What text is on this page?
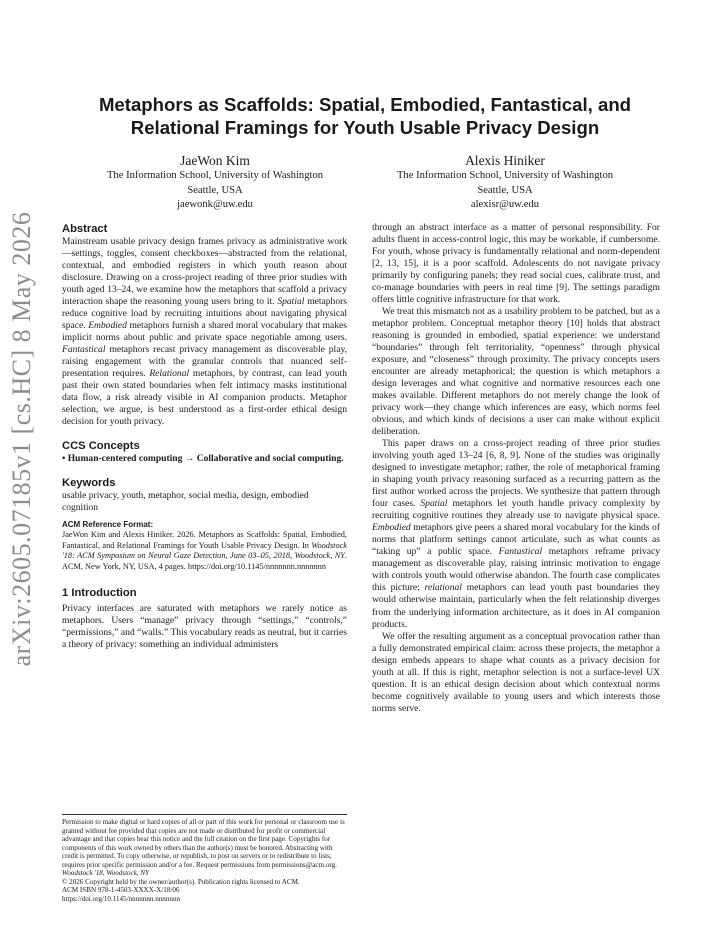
arXiv:2605.07185v1 [cs.HC] 8 May 2026
Metaphors as Scaffolds: Spatial, Embodied, Fantastical, and
Relational Framings for Youth Usable Privacy Design
JaeWon Kim
The Information School, University of Washington
Seattle, USA
jaewonk@uw.edu
Alexis Hiniker
The Information School, University of Washington
Seattle, USA
alexisr@uw.edu
Abstract

Mainstream usable privacy design frames privacy as administrative work—settings, toggles, consent checkboxes—abstracted from the relational, contextual, and embodied registers in which youth reason about disclosure. Drawing on a cross-project reading of three prior studies with youth aged 13–24, we examine how the metaphors that scaffold a privacy interaction shape the reasoning young users bring to it. Spatial metaphors reduce cognitive load by recruiting intuitions about navigating physical space. Embodied metaphors furnish a shared moral vocabulary that makes implicit norms about public and private space negotiable among users. Fantastical metaphors recast privacy management as discoverable play, raising engagement with the granular controls that nuanced self-presentation requires. Relational metaphors, by contrast, can lead youth past their own stated boundaries when felt intimacy masks institutional data flow, a risk already visible in AI companion products. Metaphor selection, we argue, is best understood as a first-order ethical design decision for youth privacy.

CCS Concepts

• Human-centered computing → Collaborative and social computing.

Keywords

usable privacy, youth, metaphor, social media, design, embodied cognition

ACM Reference Format:

JaeWon Kim and Alexis Hiniker. 2026. Metaphors as Scaffolds: Spatial, Embodied, Fantastical, and Relational Framings for Youth Usable Privacy Design. In Woodstock '18: ACM Symposium on Neural Gaze Detection, June 03–05, 2018, Woodstock, NY. ACM, New York, NY, USA, 4 pages. https://doi.org/10.1145/nnnnnnn.nnnnnnn

1 Introduction

Privacy interfaces are saturated with metaphors we rarely notice as metaphors. Users “manage” privacy through “settings,” “controls,” “permissions,” and “walls.” This vocabulary reads as neutral, but it carries a theory of privacy: something an individual administers

Permission to make digital or hard copies of all or part of this work for personal or classroom use is granted without fee provided that copies are not made or distributed for profit or commercial advantage and that copies bear this notice and the full citation on the first page. Copyrights for components of this work owned by others than the author(s) must be honored. Abstracting with credit is permitted. To copy otherwise, or republish, to post on servers or to redistribute to lists, requires prior specific permission and/or a fee. Request permissions from permissions@acm.org.

Woodstock '18, Woodstock, NY

© 2026 Copyright held by the owner/author(s). Publication rights licensed to ACM.

ACM ISBN 978-1-4503-XXXX-X/18/06

https://doi.org/10.1145/nnnnnnn.nnnnnnn

through an abstract interface as a matter of personal responsibility. For adults fluent in access-control logic, this may be workable, if cumbersome. For youth, whose privacy is fundamentally relational and norm-dependent [2, 13, 15], it is a poor scaffold. Adolescents do not navigate privacy primarily by configuring panels; they read social cues, calibrate trust, and co-manage boundaries with peers in real time [9]. The settings paradigm offers little cognitive infrastructure for that work.

We treat this mismatch not as a usability problem to be patched, but as a metaphor problem. Conceptual metaphor theory [10] holds that abstract reasoning is grounded in embodied, spatial experience: we understand “boundaries” through felt territoriality, “openness” through physical exposure, and “closeness” through proximity. The privacy concepts users encounter are already metaphorical; the question is which metaphors a design leverages and what cognitive and normative resources each one makes available. Different metaphors do not merely change the look of privacy work—they change which inferences are easy, which norms feel obvious, and which kinds of decisions a user can make without explicit deliberation.

This paper draws on a cross-project reading of three prior studies involving youth aged 13–24 [6, 8, 9]. None of the studies was originally designed to investigate metaphor; rather, the role of metaphorical framing in shaping youth privacy reasoning surfaced as a recurring pattern as the first author worked across the projects. We synthesize that pattern through four cases. Spatial metaphors let youth handle privacy complexity by recruiting cognitive routines they already use to navigate physical space. Embodied metaphors give peers a shared moral vocabulary for the kinds of norms that platform settings cannot articulate, such as what counts as “taking up” a public space. Fantastical metaphors reframe privacy management as discoverable play, raising intrinsic motivation to engage with controls youth would otherwise abandon. The fourth case complicates this picture: relational metaphors can lead youth past boundaries they would otherwise maintain, particularly when the felt relationship diverges from the underlying information architecture, as it does in AI companion products.

We offer the resulting argument as a conceptual provocation rather than a fully demonstrated empirical claim: across these projects, the metaphor a design embeds appears to shape what counts as a privacy decision for youth at all. If this is right, metaphor selection is not a surface-level UX question. It is an ethical design decision about which contextual norms become cognitively available to young users and which interests those norms serve.
